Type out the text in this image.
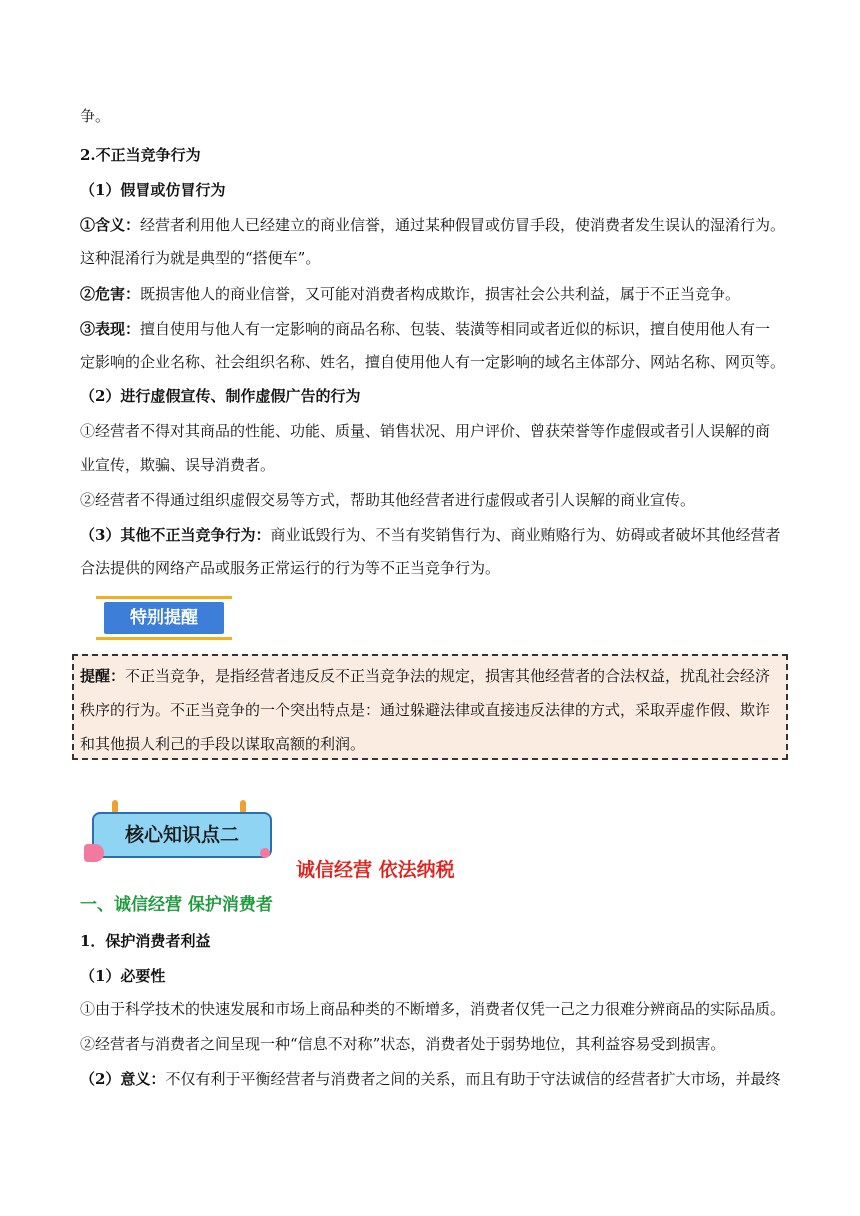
争。
2.不正当竞争行为
（1）假冒或仿冒行为
①含义：经营者利用他人已经建立的商业信誉，通过某种假冒或仿冒手段，使消费者发生误认的湿淆行为。
这种混淆行为就是典型的“搭便车”。
②危害：既损害他人的商业信誉，又可能对消费者构成欺诈，损害社会公共利益，属于不正当竞争。
③表现：擅自使用与他人有一定影响的商品名称、包装、装潢等相同或者近似的标识，擅自使用他人有一
定影响的企业名称、社会组织名称、姓名，擅自使用他人有一定影响的域名主体部分、网站名称、网页等。
（2）进行虚假宣传、制作虚假广告的行为
①经营者不得对其商品的性能、功能、质量、销售状况、用户评价、曾获荣誉等作虚假或者引人误解的商
业宣传，欺骗、误导消费者。
②经营者不得通过组织虚假交易等方式，帮助其他经营者进行虚假或者引人误解的商业宣传。
（3）其他不正当竞争行为：商业诋毁行为、不当有奖销售行为、商业贿赂行为、妨碍或者破坏其他经营者
合法提供的网络产品或服务正常运行的行为等不正当竞争行为。
特别提醒
提醒：不正当竞争，是指经营者违反反不正当竞争法的规定，损害其他经营者的合法权益，扰乱社会经济
秩序的行为。不正当竞争的一个突出特点是：通过躲避法律或直接违反法律的方式，采取弄虚作假、欺诈
和其他损人利己的手段以谋取高额的利润。
核心知识点二
诚信经营 依法纳税
一、诚信经营 保护消费者
1．保护消费者利益
（1）必要性
①由于科学技术的快速发展和市场上商品种类的不断增多，消费者仅凭一己之力很难分辨商品的实际品质。
②经营者与消费者之间呈现一种“信息不对称”状态，消费者处于弱势地位，其利益容易受到损害。
（2）意义：不仅有利于平衡经营者与消费者之间的关系，而且有助于守法诚信的经营者扩大市场，并最终
